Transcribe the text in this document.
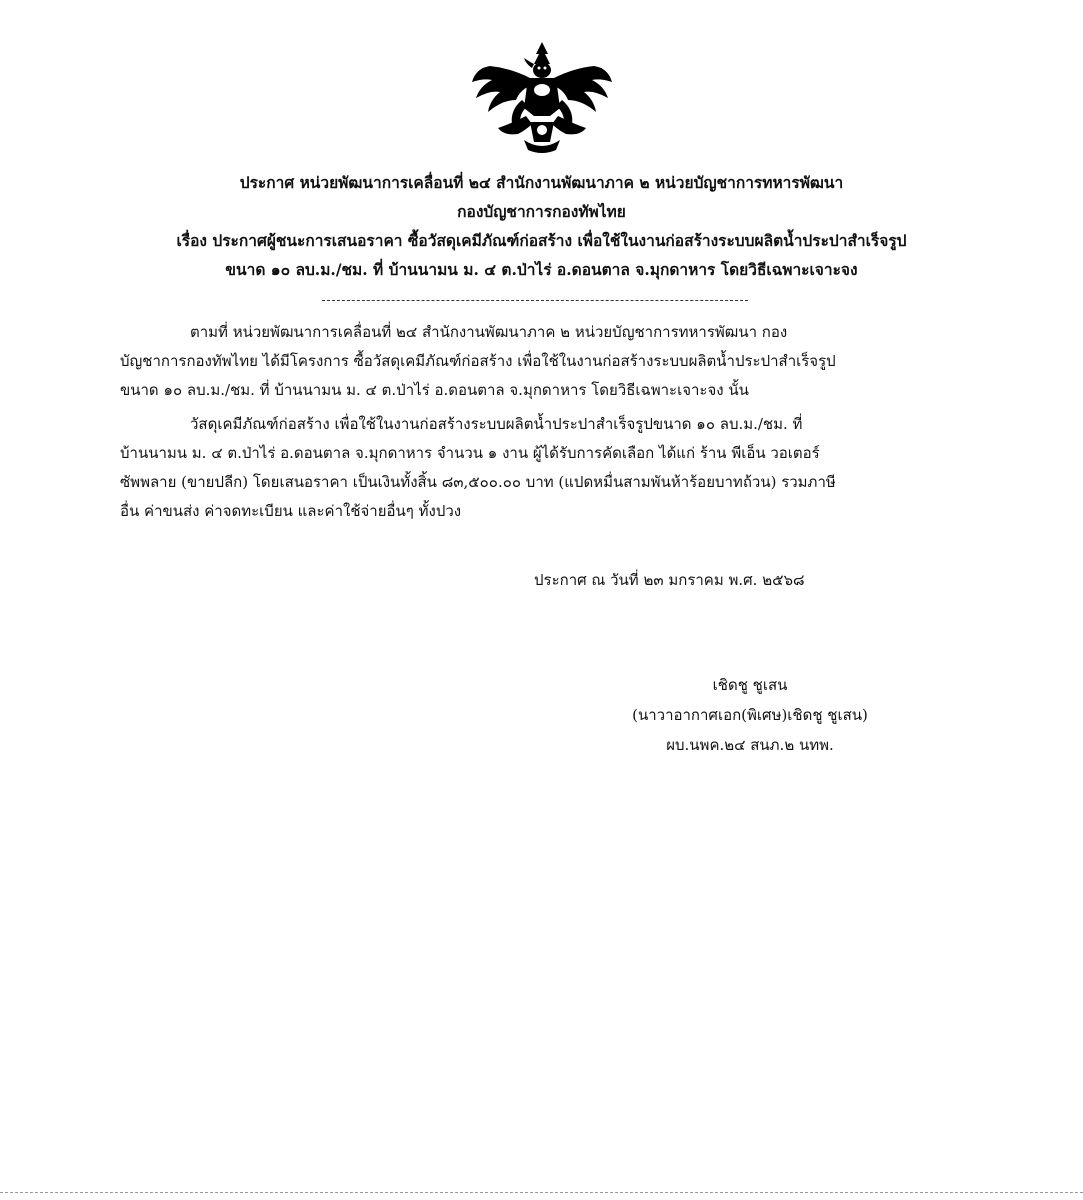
ประกาศ หน่วยพัฒนาการเคลื่อนที่ ๒๔ สำนักงานพัฒนาภาค ๒ หน่วยบัญชาการทหารพัฒนา
กองบัญชาการกองทัพไทย
เรื่อง ประกาศผู้ชนะการเสนอราคา ซื้อวัสดุเคมีภัณฑ์ก่อสร้าง เพื่อใช้ในงานก่อสร้างระบบผลิตน้ำประปาสำเร็จรูป
ขนาด ๑๐ ลบ.ม./ชม. ที่ บ้านนามน ม. ๔ ต.ป่าไร่ อ.ดอนตาล จ.มุกดาหาร โดยวิธีเฉพาะเจาะจง
ตามที่ หน่วยพัฒนาการเคลื่อนที่ ๒๔ สำนักงานพัฒนาภาค ๒ หน่วยบัญชาการทหารพัฒนา กอง
บัญชาการกองทัพไทย ได้มีโครงการ ซื้อวัสดุเคมีภัณฑ์ก่อสร้าง เพื่อใช้ในงานก่อสร้างระบบผลิตน้ำประปาสำเร็จรูป
ขนาด ๑๐ ลบ.ม./ชม. ที่ บ้านนามน ม. ๔ ต.ป่าไร่ อ.ดอนตาล จ.มุกดาหาร โดยวิธีเฉพาะเจาะจง นั้น
วัสดุเคมีภัณฑ์ก่อสร้าง เพื่อใช้ในงานก่อสร้างระบบผลิตน้ำประปาสำเร็จรูปขนาด ๑๐ ลบ.ม./ชม. ที่
บ้านนามน ม. ๔ ต.ป่าไร่ อ.ดอนตาล จ.มุกดาหาร จำนวน ๑ งาน ผู้ได้รับการคัดเลือก ได้แก่ ร้าน พีเอ็น วอเตอร์
ซัพพลาย (ขายปลีก) โดยเสนอราคา เป็นเงินทั้งสิ้น ๘๓,๕๐๐.๐๐ บาท (แปดหมื่นสามพันห้าร้อยบาทถ้วน) รวมภาษี
อื่น ค่าขนส่ง ค่าจดทะเบียน และค่าใช้จ่ายอื่นๆ ทั้งปวง
ประกาศ ณ วันที่ ๒๓ มกราคม พ.ศ. ๒๕๖๘
เชิดชู ชูเสน
(นาวาอากาศเอก(พิเศษ)เชิดชู ชูเสน)
ผบ.นพค.๒๔ สนภ.๒ นทพ.
